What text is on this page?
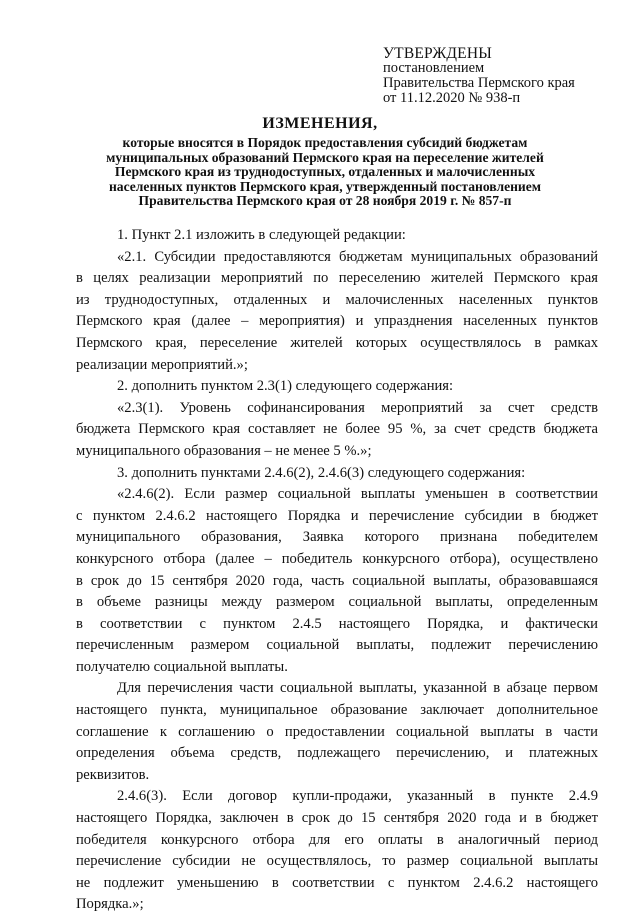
УТВЕРЖДЕНЫ
постановлением
Правительства Пермского края
от 11.12.2020 № 938-п
ИЗМЕНЕНИЯ,
которые вносятся в Порядок предоставления субсидий бюджетам
муниципальных образований Пермского края на переселение жителей
Пермского края из труднодоступных, отдаленных и малочисленных
населенных пунктов Пермского края, утвержденный постановлением
Правительства Пермского края от 28 ноября 2019 г. № 857-п
1. Пункт 2.1 изложить в следующей редакции:
«2.1. Субсидии предоставляются бюджетам муниципальных образований
в целях реализации мероприятий по переселению жителей Пермского края
из труднодоступных, отдаленных и малочисленных населенных пунктов
Пермского края (далее – мероприятия) и упразднения населенных пунктов
Пермского края, переселение жителей которых осуществлялось в рамках
реализации мероприятий.»;
2. дополнить пунктом 2.3(1) следующего содержания:
«2.3(1). Уровень софинансирования мероприятий за счет средств
бюджета Пермского края составляет не более 95 %, за счет средств бюджета
муниципального образования – не менее 5 %.»;
3. дополнить пунктами 2.4.6(2), 2.4.6(3) следующего содержания:
«2.4.6(2). Если размер социальной выплаты уменьшен в соответствии
с пунктом 2.4.6.2 настоящего Порядка и перечисление субсидии в бюджет
муниципального образования, Заявка которого признана победителем
конкурсного отбора (далее – победитель конкурсного отбора), осуществлено
в срок до 15 сентября 2020 года, часть социальной выплаты, образовавшаяся
в объеме разницы между размером социальной выплаты, определенным
в соответствии с пунктом 2.4.5 настоящего Порядка, и фактически
перечисленным размером социальной выплаты, подлежит перечислению
получателю социальной выплаты.
Для перечисления части социальной выплаты, указанной в абзаце первом
настоящего пункта, муниципальное образование заключает дополнительное
соглашение к соглашению о предоставлении социальной выплаты в части
определения объема средств, подлежащего перечислению, и платежных
реквизитов.
2.4.6(3). Если договор купли-продажи, указанный в пункте 2.4.9
настоящего Порядка, заключен в срок до 15 сентября 2020 года и в бюджет
победителя конкурсного отбора для его оплаты в аналогичный период
перечисление субсидии не осуществлялось, то размер социальной выплаты
не подлежит уменьшению в соответствии с пунктом 2.4.6.2 настоящего
Порядка.»;
